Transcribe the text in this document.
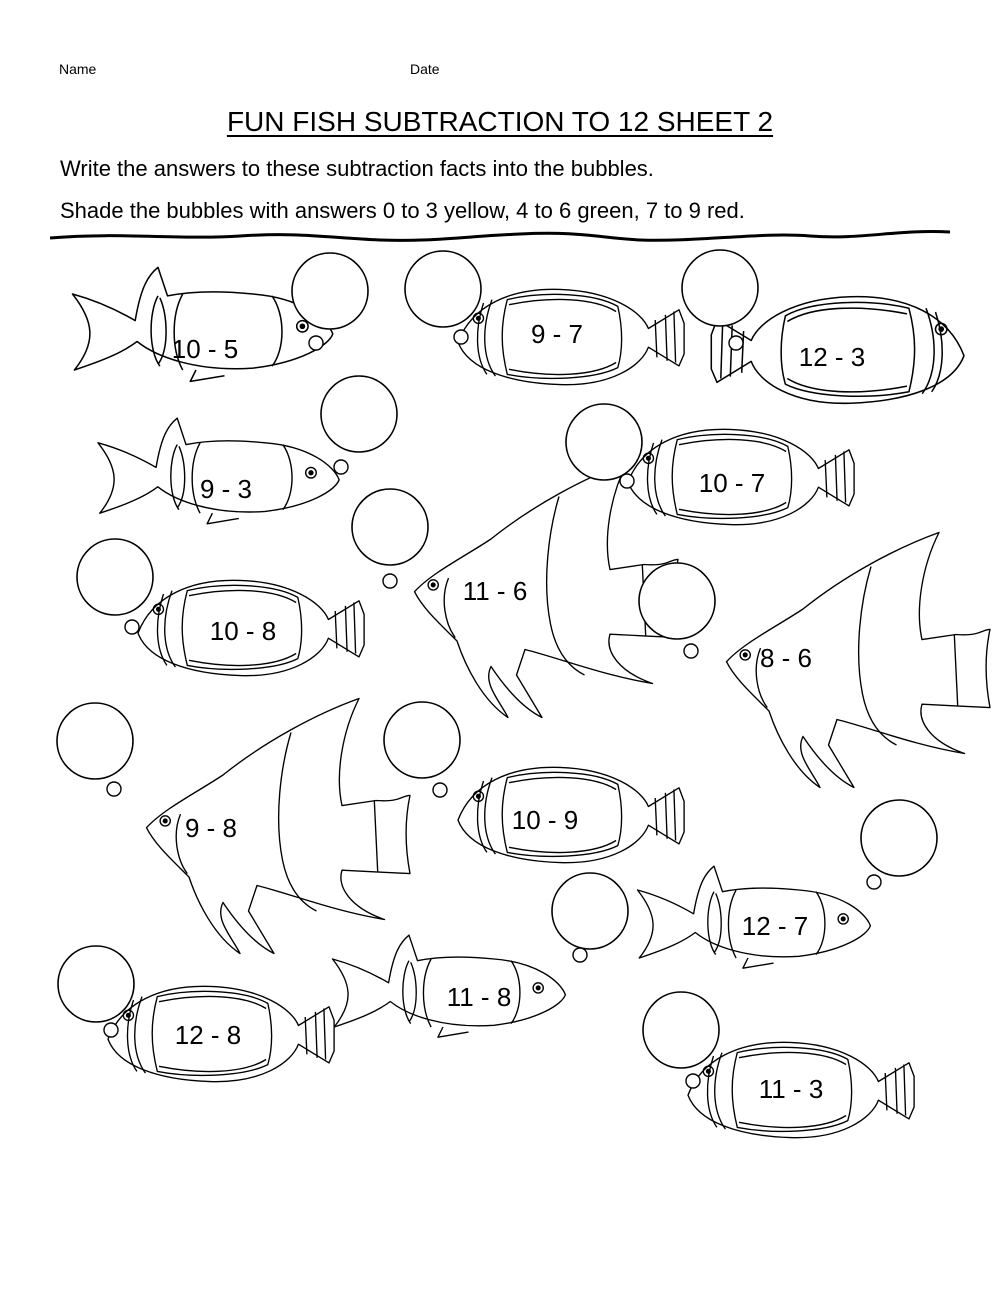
Name	Date
FUN FISH SUBTRACTION TO 12 SHEET 2
Write the answers to these subtraction facts into the bubbles.
Shade the bubbles with answers 0 to 3 yellow, 4 to 6 green, 7 to 9 red.
10 - 5	9 - 7
12 - 3
9 - 3	10 - 7
11 - 6
10 - 8
8 - 6
9 - 8	10 - 9
12 - 7
11 - 8
12 - 8
11 - 3
